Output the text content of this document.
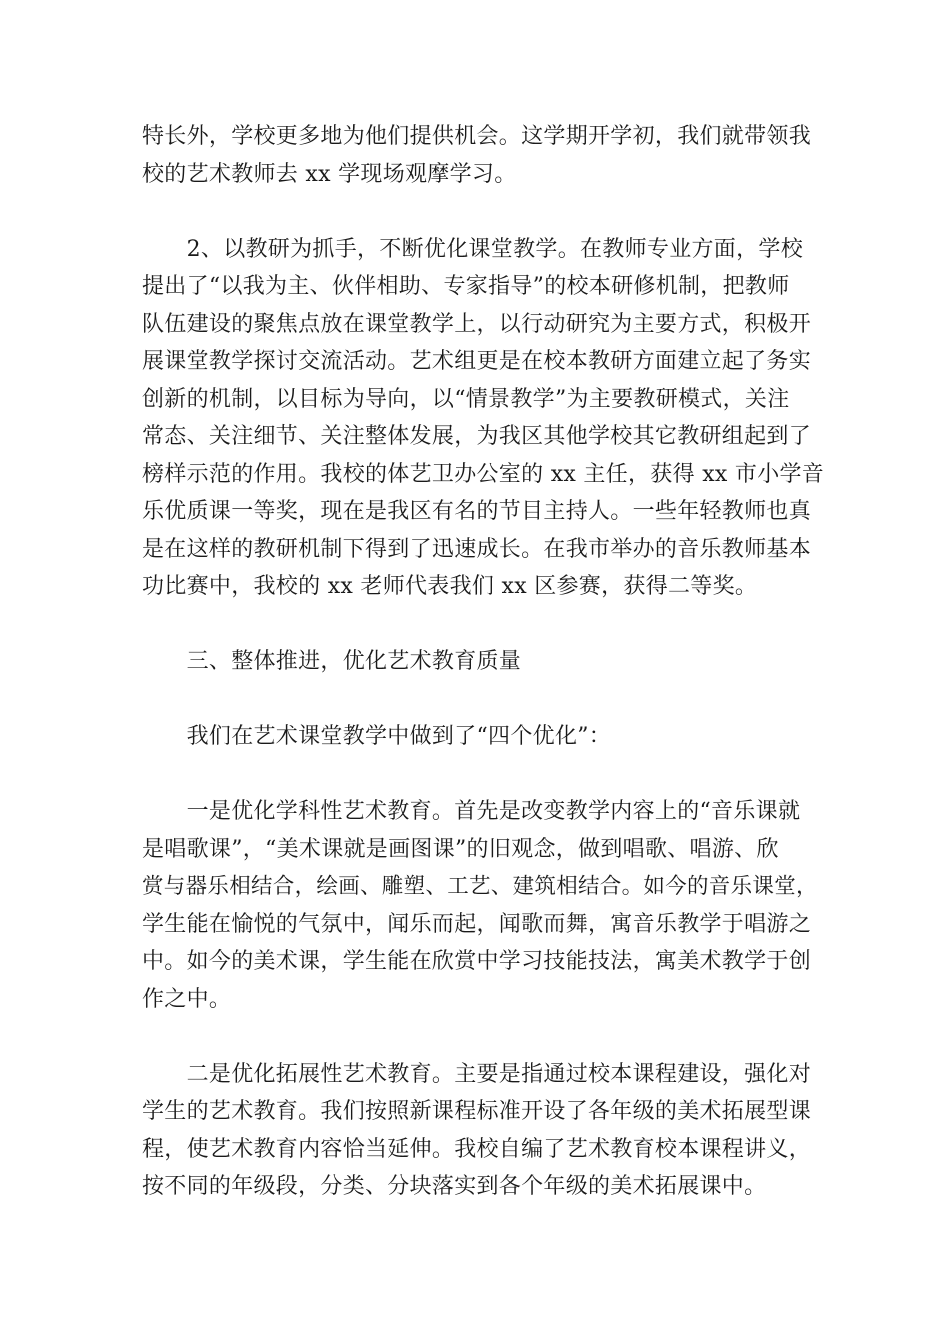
特长外，学校更多地为他们提供机会。这学期开学初，我们就带领我
校的艺术教师去 xx 学现场观摩学习。
　　2、以教研为抓手，不断优化课堂教学。在教师专业方面，学校
提出了“以我为主、伙伴相助、专家指导”的校本研修机制，把教师
队伍建设的聚焦点放在课堂教学上，以行动研究为主要方式，积极开
展课堂教学探讨交流活动。艺术组更是在校本教研方面建立起了务实
创新的机制，以目标为导向，以“情景教学”为主要教研模式，关注
常态、关注细节、关注整体发展，为我区其他学校其它教研组起到了
榜样示范的作用。我校的体艺卫办公室的 xx 主任，获得 xx 市小学音
乐优质课一等奖，现在是我区有名的节目主持人。一些年轻教师也真
是在这样的教研机制下得到了迅速成长。在我市举办的音乐教师基本
功比赛中，我校的 xx 老师代表我们 xx 区参赛，获得二等奖。
　　三、整体推进，优化艺术教育质量
　　我们在艺术课堂教学中做到了“四个优化”：
　　一是优化学科性艺术教育。首先是改变教学内容上的“音乐课就
是唱歌课”，“美术课就是画图课”的旧观念，做到唱歌、唱游、欣
赏与器乐相结合，绘画、雕塑、工艺、建筑相结合。如今的音乐课堂，
学生能在愉悦的气氛中，闻乐而起，闻歌而舞，寓音乐教学于唱游之
中。如今的美术课，学生能在欣赏中学习技能技法，寓美术教学于创
作之中。
　　二是优化拓展性艺术教育。主要是指通过校本课程建设，强化对
学生的艺术教育。我们按照新课程标准开设了各年级的美术拓展型课
程，使艺术教育内容恰当延伸。我校自编了艺术教育校本课程讲义，
按不同的年级段，分类、分块落实到各个年级的美术拓展课中。
